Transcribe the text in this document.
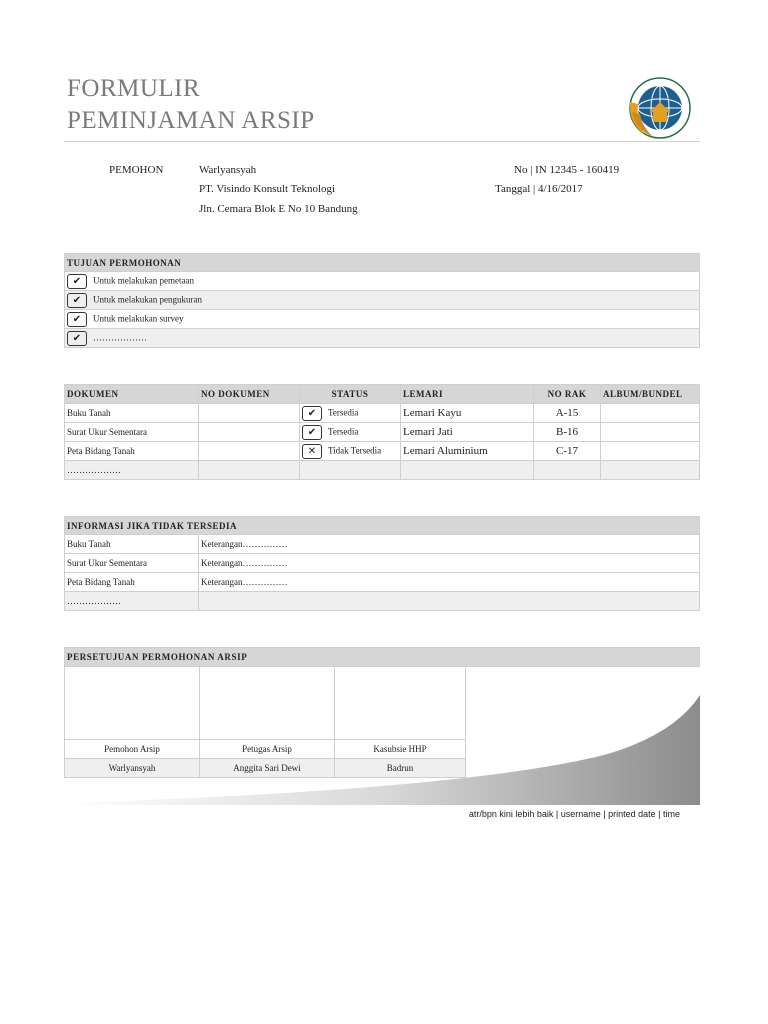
FORMULIR
PEMINJAMAN ARSIP
PEMOHON	Warlyansyah
PT. Visindo Konsult Teknologi
Jln. Cemara Blok E No 10 Bandung
No | IN 12345 - 160419
Tanggal | 4/16/2017
TUJUAN PERMOHONAN
✔ Untuk melakukan pemetaan
✔ Untuk melakukan pengukuran
✔ Untuk melakukan survey
✔ ………………
DOKUMEN	NO DOKUMEN	STATUS	LEMARI	NO RAK	ALBUM/BUNDEL
Buku Tanah		✔ Tersedia	Lemari Kayu	A-15	
Surat Ukur Sementara		✔ Tersedia	Lemari Jati	B-16	
Peta Bidang Tanah		✕ Tidak Tersedia	Lemari Aluminium	C-17	
………………					
INFORMASI JIKA TIDAK TERSEDIA	
Buku Tanah	Keterangan……………
Surat Ukur Sementara	Keterangan……………
Peta Bidang Tanah	Keterangan……………
………………	
PERSETUJUAN PERMOHONAN ARSIP

Pemohon Arsip	Petugas Arsip	Kasubsie HHP
Warlyansyah	Anggita Sari Dewi	Badrun
atr/bpn kini lebih baik | username | printed date | time
